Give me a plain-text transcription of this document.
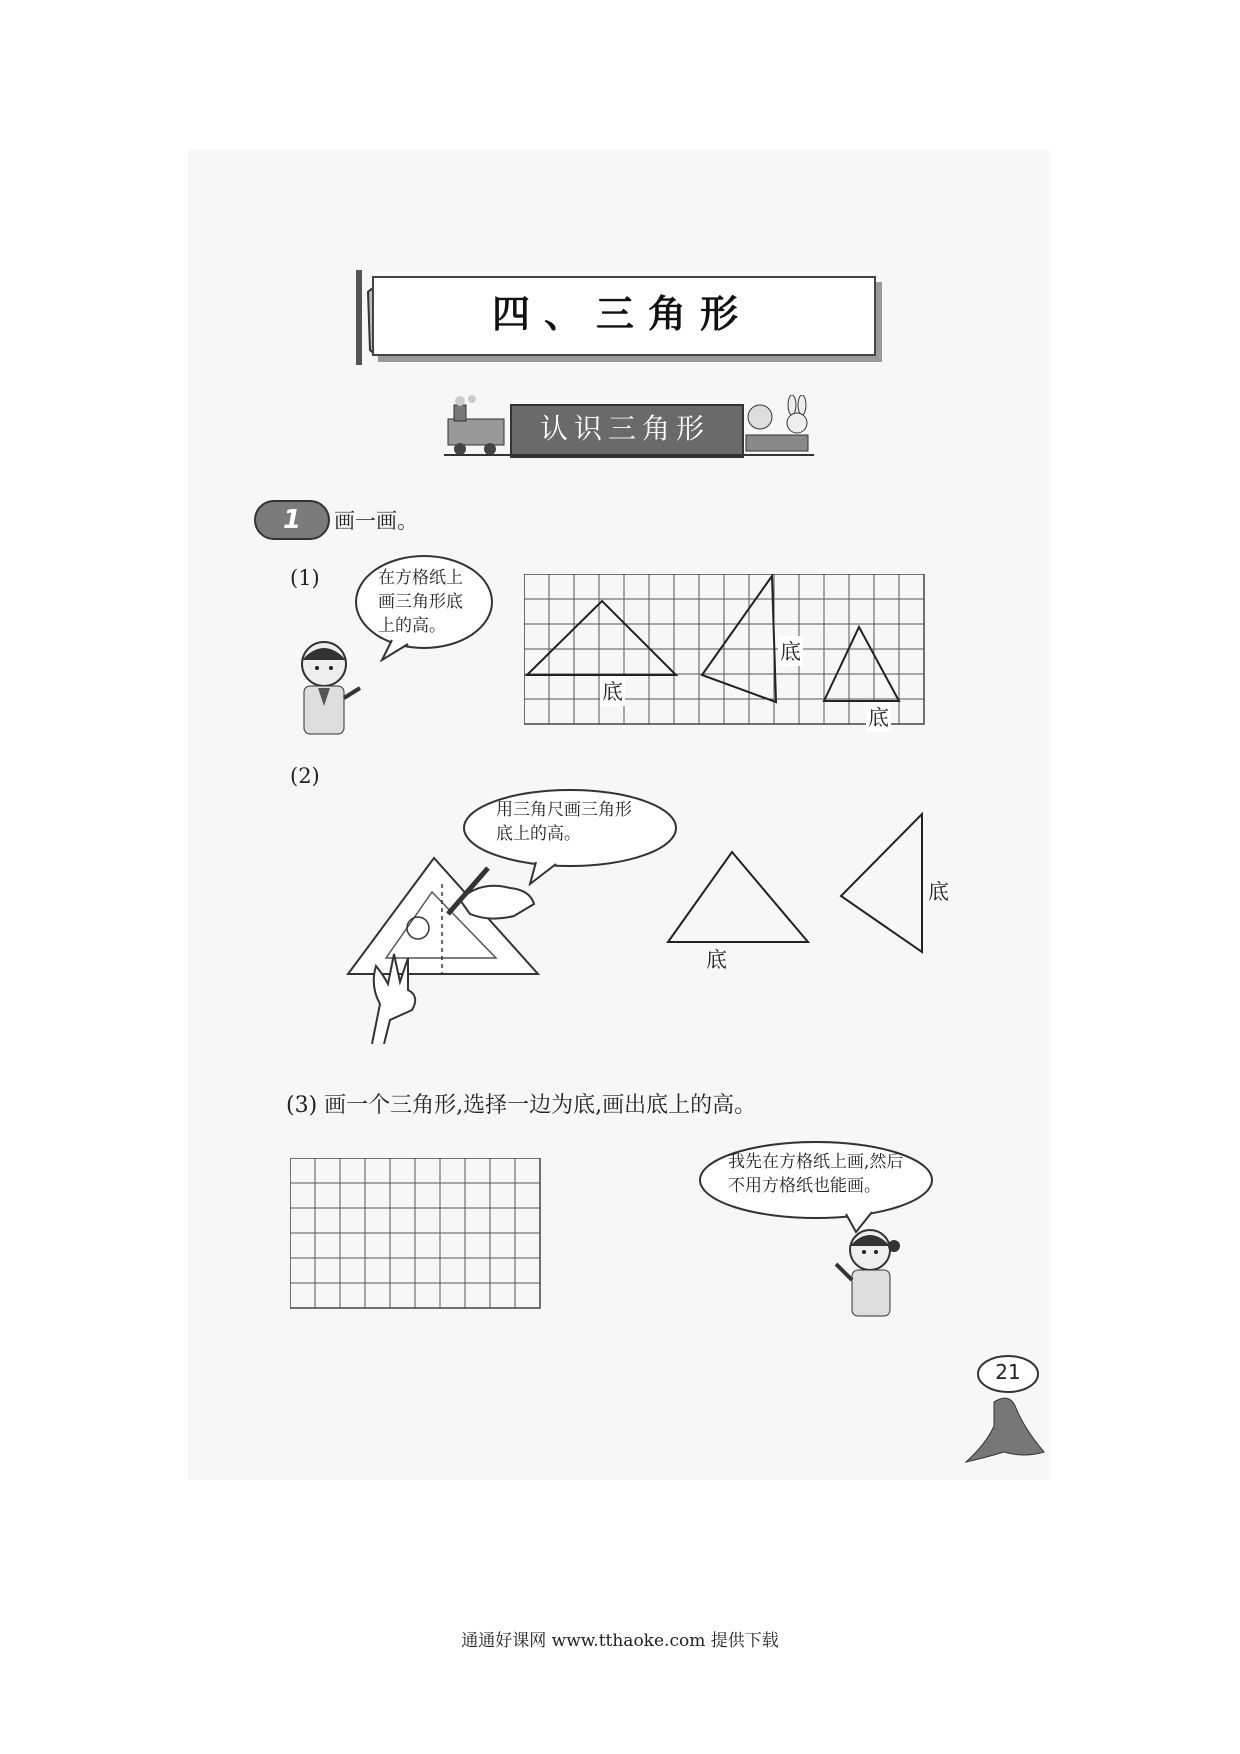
四、三角形
认识三角形
1	画一画。
(1)	在方格纸上
画三角形底
上的高。
底
底
底
(2)
用三角尺画三角形
底上的高。
底
底
(3) 画一个三角形,选择一边为底,画出底上的高。
我先在方格纸上画,然后
不用方格纸也能画。
21
通通好课网 www.tthaoke.com 提供下载
